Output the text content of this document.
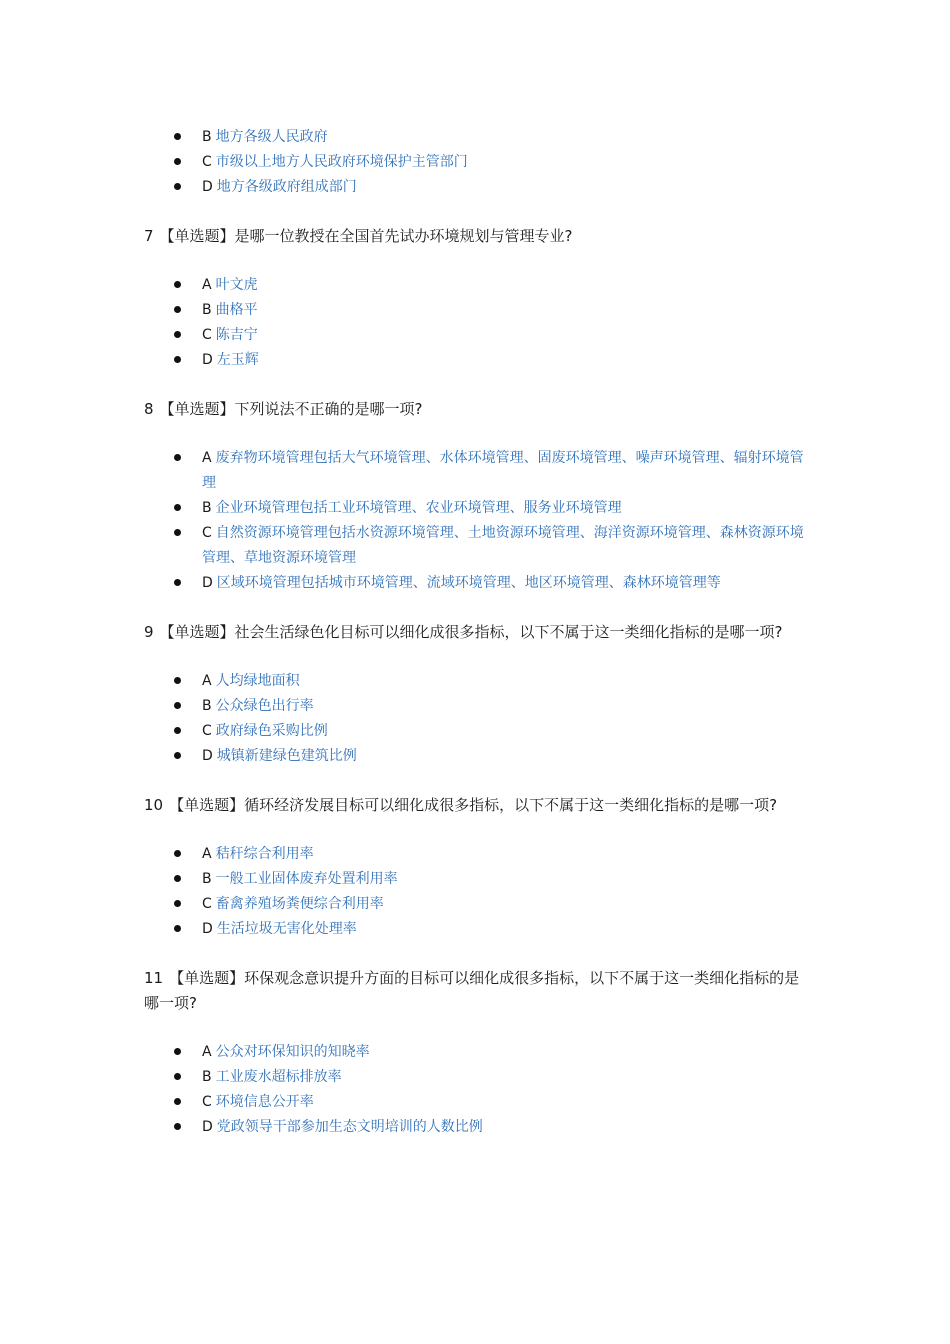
B 地方各级人民政府
C 市级以上地方人民政府环境保护主管部门
D 地方各级政府组成部门
7 【单选题】是哪一位教授在全国首先试办环境规划与管理专业?
A 叶文虎
B 曲格平
C 陈吉宁
D 左玉辉
8 【单选题】下列说法不正确的是哪一项?
A 废弃物环境管理包括大气环境管理、水体环境管理、固废环境管理、噪声环境管理、辐射环境管理
B 企业环境管理包括工业环境管理、农业环境管理、服务业环境管理
C 自然资源环境管理包括水资源环境管理、土地资源环境管理、海洋资源环境管理、森林资源环境管理、草地资源环境管理
D 区域环境管理包括城市环境管理、流域环境管理、地区环境管理、森林环境管理等
9 【单选题】社会生活绿色化目标可以细化成很多指标，以下不属于这一类细化指标的是哪一项?
A 人均绿地面积
B 公众绿色出行率
C 政府绿色采购比例
D 城镇新建绿色建筑比例
10 【单选题】循环经济发展目标可以细化成很多指标，以下不属于这一类细化指标的是哪一项?
A 秸秆综合利用率
B 一般工业固体废弃处置利用率
C 畜禽养殖场粪便综合利用率
D 生活垃圾无害化处理率
11 【单选题】环保观念意识提升方面的目标可以细化成很多指标，以下不属于这一类细化指标的是哪一项?
A 公众对环保知识的知晓率
B 工业废水超标排放率
C 环境信息公开率
D 党政领导干部参加生态文明培训的人数比例
